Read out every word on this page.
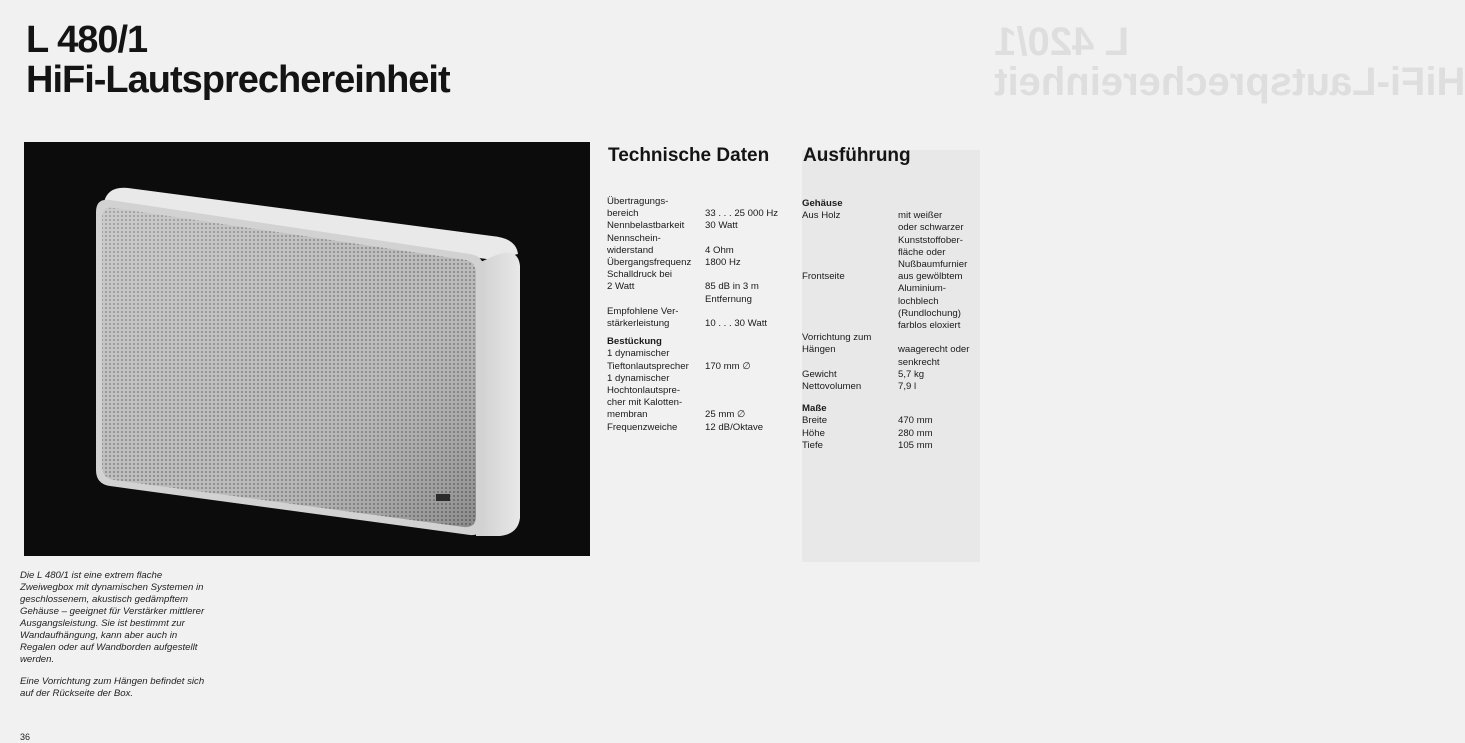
L 420/1
HiFi-Lautsprechereinheit
L 480/1
HiFi-Lautsprechereinheit

Die L 480/1 ist eine extrem flache Zweiwegbox mit dynamischen Systemen in geschlossenem, akustisch gedämpftem Gehäuse – geeignet für Verstärker mittlerer Ausgangsleistung. Sie ist bestimmt zur Wandaufhängung, kann aber auch in Regalen oder auf Wandborden aufgestellt werden.

Eine Vorrichtung zum Hängen befindet sich auf der Rückseite der Box.

36
Technische Daten	Ausführung
Übertragungs-
bereich	33 . . . 25 000 Hz
Nennbelastbarkeit	30 Watt
Nennschein-
widerstand	4 Ohm
Übergangsfrequenz	1800 Hz
Schalldruck bei
2 Watt	85 dB in 3 m
Entfernung
Empfohlene Ver-
stärkerleistung	10 . . . 30 Watt
Bestückung
1 dynamischer
Tieftonlautsprecher	170 mm ∅
1 dynamischer
Hochtonlautspre-
cher mit Kalotten-
membran	25 mm ∅
Frequenzweiche	12 dB/Oktave
Gehäuse
Aus Holz	mit weißer
oder schwarzer
Kunststoffober-
fläche oder
Nußbaumfurnier
Frontseite	aus gewölbtem
Aluminium-
lochblech
(Rundlochung)
farblos eloxiert
Vorrichtung zum
Hängen	waagerecht oder
senkrecht
Gewicht	5,7 kg
Nettovolumen	7,9 l
Maße
Breite	470 mm
Höhe	280 mm
Tiefe	105 mm
